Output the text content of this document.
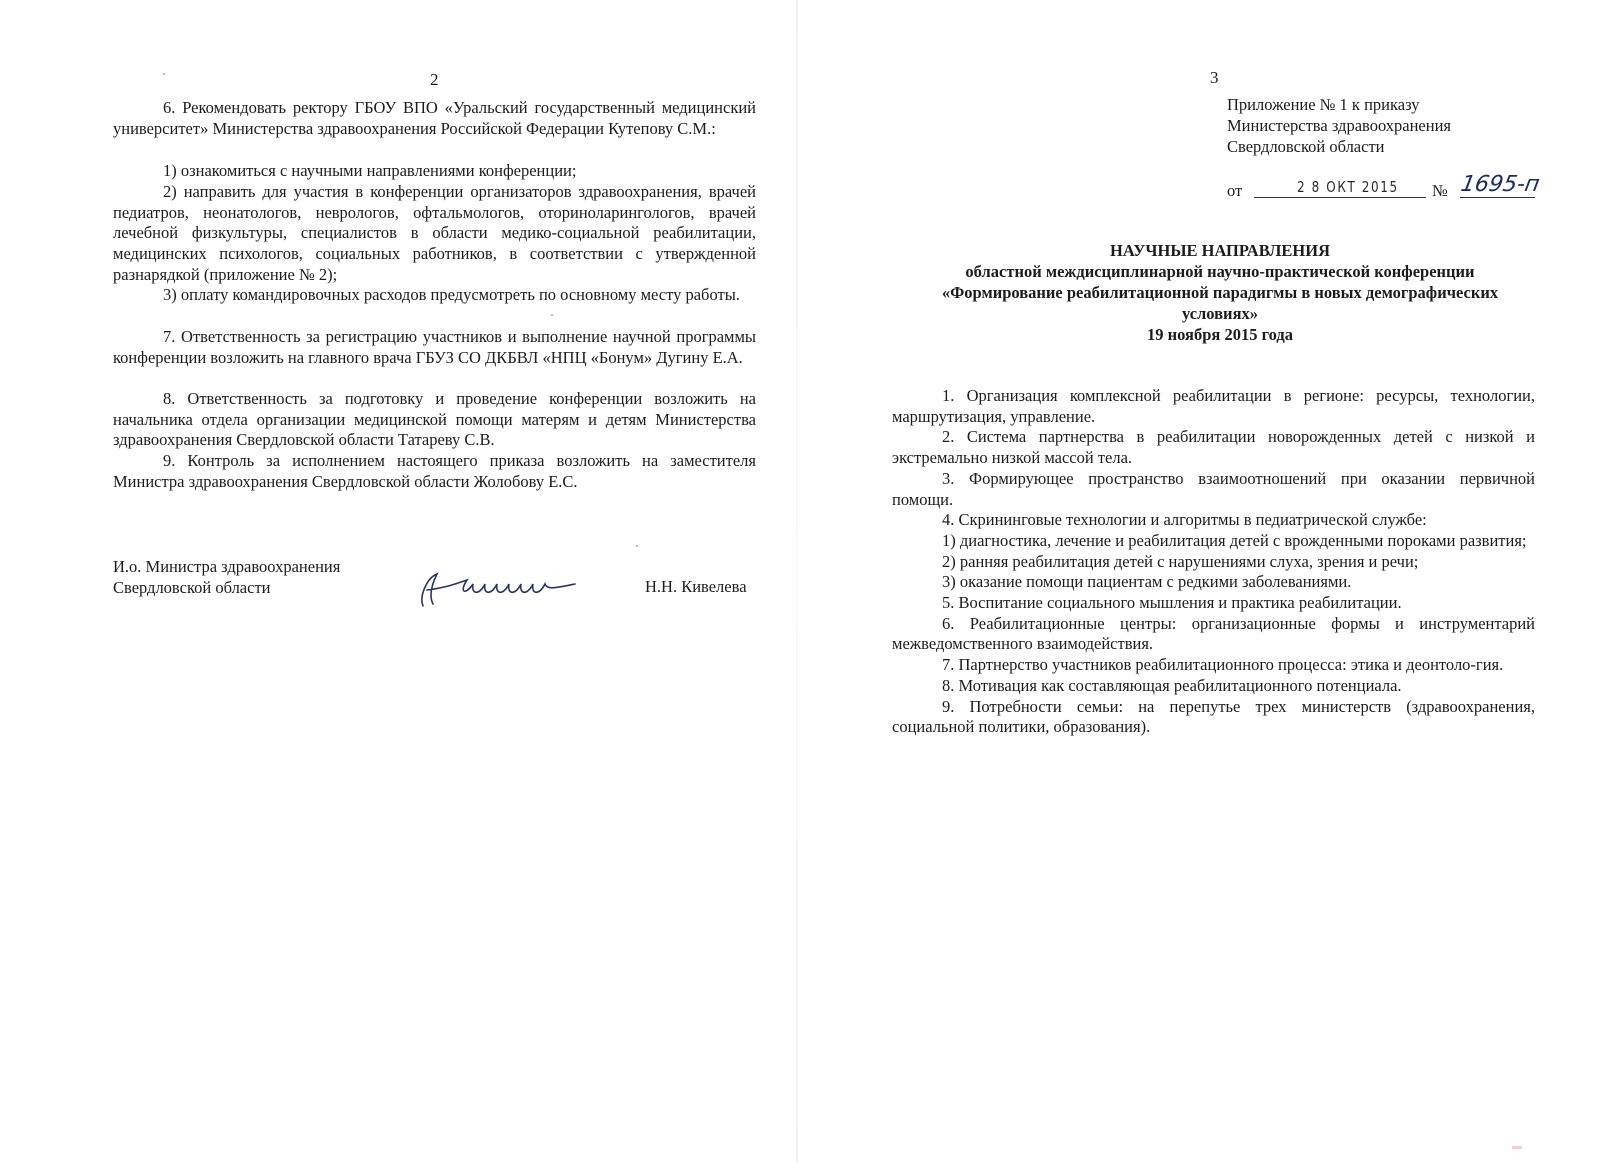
2

6. Рекомендовать ректору ГБОУ ВПО «Уральский государственный медицинский университет» Министерства здравоохранения Российской Федерации Кутепову С.М.:

1) ознакомиться с научными направлениями конференции;

2) направить для участия в конференции организаторов здравоохранения, врачей педиатров, неонатологов, неврологов, офтальмологов, оториноларингологов, врачей лечебной физкультуры, специалистов в области медико-социальной реабилитации, медицинских психологов, социальных работников, в соответствии с утвержденной разнарядкой (приложение № 2);

3) оплату командировочных расходов предусмотреть по основному месту работы.

7. Ответственность за регистрацию участников и выполнение научной программы конференции возложить на главного врача ГБУЗ СО ДКБВЛ «НПЦ «Бонум» Дугину Е.А.

8. Ответственность за подготовку и проведение конференции возложить на начальника отдела организации медицинской помощи матерям и детям Министерства здравоохранения Свердловской области Татареву С.В.

9. Контроль за исполнением настоящего приказа возложить на заместителя Министра здравоохранения Свердловской области Жолобову Е.С.

И.о. Министра здравоохранения
Свердловской области	Н.Н. Кивелева
3
Приложение № 1 к приказу
Министерства здравоохранения
Свердловской области
от	2 8 ОКТ 2015 № 1695-п
НАУЧНЫЕ НАПРАВЛЕНИЯ
областной междисциплинарной научно-практической конференции
«Формирование реабилитационной парадигмы в новых демографических условиях»
19 ноября 2015 года

1. Организация комплексной реабилитации в регионе: ресурсы, технологии, маршрутизация, управление.

2. Система партнерства в реабилитации новорожденных детей с низкой и экстремально низкой массой тела.

3. Формирующее пространство взаимоотношений при оказании первичной помощи.

4. Скрининговые технологии и алгоритмы в педиатрической службе:

1) диагностика, лечение и реабилитация детей с врожденными пороками развития;

2) ранняя реабилитация детей с нарушениями слуха, зрения и речи;

3) оказание помощи пациентам с редкими заболеваниями.

5. Воспитание социального мышления и практика реабилитации.

6. Реабилитационные центры: организационные формы и инструментарий межведомственного взаимодействия.

7. Партнерство участников реабилитационного процесса: этика и деонтоло-гия.

8. Мотивация как составляющая реабилитационного потенциала.

9. Потребности семьи: на перепутье трех министерств (здравоохранения, социальной политики, образования).
